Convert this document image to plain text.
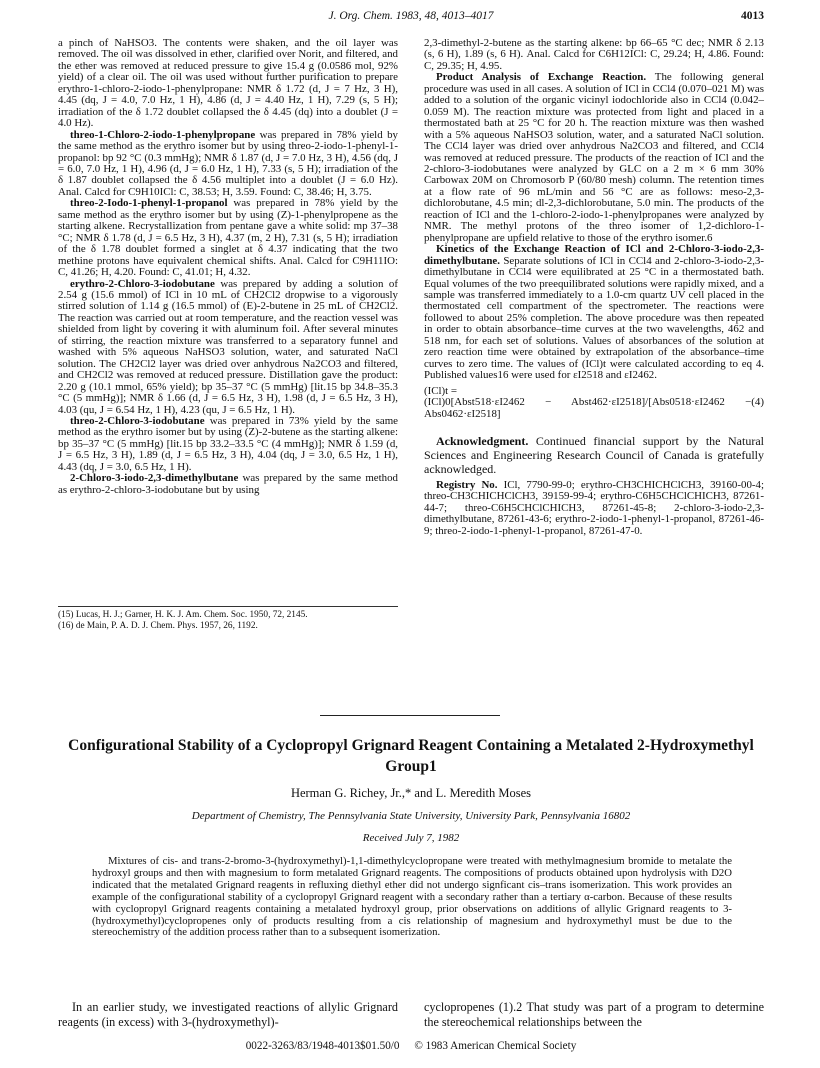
J. Org. Chem. 1983, 48, 4013–4017	4013

a pinch of NaHSO3. The contents were shaken, and the oil layer was removed. The oil was dissolved in ether, clarified over Norit, and filtered, and the ether was removed at reduced pressure to give 15.4 g (0.0586 mol, 92% yield) of a clear oil. The oil was used without further purification to prepare erythro-1-chloro-2-iodo-1-phenylpropane: NMR δ 1.72 (d, J = 7 Hz, 3 H), 4.45 (dq, J = 4.0, 7.0 Hz, 1 H), 4.86 (d, J = 4.40 Hz, 1 H), 7.29 (s, 5 H); irradiation of the δ 1.72 doublet collapsed the δ 4.45 (dq) into a doublet (J = 4.0 Hz).

threo-1-Chloro-2-iodo-1-phenylpropane was prepared in 78% yield by the same method as the erythro isomer but by using threo-2-iodo-1-phenyl-1-propanol: bp 92 °C (0.3 mmHg); NMR δ 1.87 (d, J = 7.0 Hz, 3 H), 4.56 (dq, J = 6.0, 7.0 Hz, 1 H), 4.96 (d, J = 6.0 Hz, 1 H), 7.33 (s, 5 H); irradiation of the δ 1.87 doublet collapsed the δ 4.56 multiplet into a doublet (J = 6.0 Hz). Anal. Calcd for C9H10ICl: C, 38.53; H, 3.59. Found: C, 38.46; H, 3.75.

threo-2-Iodo-1-phenyl-1-propanol was prepared in 78% yield by the same method as the erythro isomer but by using (Z)-1-phenylpropene as the starting alkene. Recrystallization from pentane gave a white solid: mp 37–38 °C; NMR δ 1.78 (d, J = 6.5 Hz, 3 H), 4.37 (m, 2 H), 7.31 (s, 5 H); irradiation of the δ 1.78 doublet formed a singlet at δ 4.37 indicating that the two methine protons have equivalent chemical shifts. Anal. Calcd for C9H11IO: C, 41.26; H, 4.20. Found: C, 41.01; H, 4.32.

erythro-2-Chloro-3-iodobutane was prepared by adding a solution of 2.54 g (15.6 mmol) of ICl in 10 mL of CH2Cl2 dropwise to a vigorously stirred solution of 1.14 g (16.5 mmol) of (E)-2-butene in 25 mL of CH2Cl2. The reaction was carried out at room temperature, and the reaction vessel was shielded from light by covering it with aluminum foil. After several minutes of stirring, the reaction mixture was transferred to a separatory funnel and washed with 5% aqueous NaHSO3 solution, water, and saturated NaCl solution. The CH2Cl2 layer was dried over anhydrous Na2CO3 and filtered, and CH2Cl2 was removed at reduced pressure. Distillation gave the product: 2.20 g (10.1 mmol, 65% yield); bp 35–37 °C (5 mmHg) [lit.15 bp 34.8–35.3 °C (5 mmHg)]; NMR δ 1.66 (d, J = 6.5 Hz, 3 H), 1.98 (d, J = 6.5 Hz, 3 H), 4.03 (qu, J = 6.54 Hz, 1 H), 4.23 (qu, J = 6.5 Hz, 1 H).

threo-2-Chloro-3-iodobutane was prepared in 73% yield by the same method as the erythro isomer but by using (Z)-2-butene as the starting alkene: bp 35–37 °C (5 mmHg) [lit.15 bp 33.2–33.5 °C (4 mmHg)]; NMR δ 1.59 (d, J = 6.5 Hz, 3 H), 1.89 (d, J = 6.5 Hz, 3 H), 4.04 (dq, J = 3.0, 6.5 Hz, 1 H), 4.43 (dq, J = 3.0, 6.5 Hz, 1 H).

2-Chloro-3-iodo-2,3-dimethylbutane was prepared by the same method as erythro-2-chloro-3-iodobutane but by using

(15) Lucas, H. J.; Garner, H. K. J. Am. Chem. Soc. 1950, 72, 2145.

(16) de Main, P. A. D. J. Chem. Phys. 1957, 26, 1192.

2,3-dimethyl-2-butene as the starting alkene: bp 66–65 °C dec; NMR δ 2.13 (s, 6 H), 1.89 (s, 6 H). Anal. Calcd for C6H12ICl: C, 29.24; H, 4.86. Found: C, 29.35; H, 4.95.

Product Analysis of Exchange Reaction. The following general procedure was used in all cases. A solution of ICl in CCl4 (0.070–021 M) was added to a solution of the organic vicinyl iodochloride also in CCl4 (0.042–0.059 M). The reaction mixture was protected from light and placed in a thermostated bath at 25 °C for 20 h. The reaction mixture was then washed with a 5% aqueous NaHSO3 solution, water, and a saturated NaCl solution. The CCl4 layer was dried over anhydrous Na2CO3 and filtered, and CCl4 was removed at reduced pressure. The products of the reaction of ICl and the 2-chloro-3-iodobutanes were analyzed by GLC on a 2 m × 6 mm 30% Carbowax 20M on Chromosorb P (60/80 mesh) column. The retention times at a flow rate of 96 mL/min and 56 °C are as follows: meso-2,3-dichlorobutane, 4.5 min; dl-2,3-dichlorobutane, 5.0 min. The products of the reaction of ICl and the 1-chloro-2-iodo-1-phenylpropanes were analyzed by NMR. The methyl protons of the threo isomer of 1,2-dichloro-1-phenylpropane are upfield relative to those of the erythro isomer.6

Kinetics of the Exchange Reaction of ICl and 2-Chloro-3-iodo-2,3-dimethylbutane. Separate solutions of ICl in CCl4 and 2-chloro-3-iodo-2,3-dimethylbutane in CCl4 were equilibrated at 25 °C in a thermostated bath. Equal volumes of the two preequilibrated solutions were rapidly mixed, and a sample was transferred immediately to a 1.0-cm quartz UV cell placed in the thermostated cell compartment of the spectrometer. The reactions were followed to about 25% completion. The above procedure was then repeated in order to obtain absorbance–time curves at the two wavelengths, 462 and 518 nm, for each set of solutions. Values of absorbances of the solution at zero reaction time were obtained by extrapolation of the absorbance–time curves to zero time. The values of (ICl)t were calculated according to eq 4. Published values16 were used for εI2518 and εI2462.

(ICl)t =
(ICl)0[Abst518·εI2462 − Abst462·εI2518]/[Abs0518·εI2462 − Abs0462·εI2518]
(4)

Acknowledgment. Continued financial support by the Natural Sciences and Engineering Research Council of Canada is gratefully acknowledged.

Registry No. ICl, 7790-99-0; erythro-CH3CHICHClCH3, 39160-00-4; threo-CH3CHICHClCH3, 39159-99-4; erythro-C6H5CHClCHICH3, 87261-44-7; threo-C6H5CHClCHICH3, 87261-45-8; 2-chloro-3-iodo-2,3-dimethylbutane, 87261-43-6; erythro-2-iodo-1-phenyl-1-propanol, 87261-46-9; threo-2-iodo-1-phenyl-1-propanol, 87261-47-0.

Configurational Stability of a Cyclopropyl Grignard Reagent Containing a Metalated 2-Hydroxymethyl Group1
Herman G. Richey, Jr.,* and L. Meredith Moses
Department of Chemistry, The Pennsylvania State University, University Park, Pennsylvania 16802
Received July 7, 1982

Mixtures of cis- and trans-2-bromo-3-(hydroxymethyl)-1,1-dimethylcyclopropane were treated with methylmagnesium bromide to metalate the hydroxyl groups and then with magnesium to form metalated Grignard reagents. The compositions of products obtained upon hydrolysis with D2O indicated that the metalated Grignard reagents in refluxing diethyl ether did not undergo signficant cis–trans isomerization. This work provides an example of the configurational stability of a cyclopropyl Grignard reagent with a secondary rather than a tertiary α-carbon. Because of these results with cyclopropyl Grignard reagents containing a metalated hydroxyl group, prior observations on additions of allylic Grignard reagents to 3-(hydroxymethyl)cyclopropenes only of products resulting from a cis relationship of magnesium and hydroxymethyl must be due to the stereochemistry of the addition process rather than to a subsequent isomerization.

In an earlier study, we investigated reactions of allylic Grignard reagents (in excess) with 3-(hydroxymethyl)-

cyclopropenes (1).2 That study was part of a program to determine the stereochemical relationships between the

0022-3263/83/1948-4013$01.50/0 © 1983 American Chemical Society
